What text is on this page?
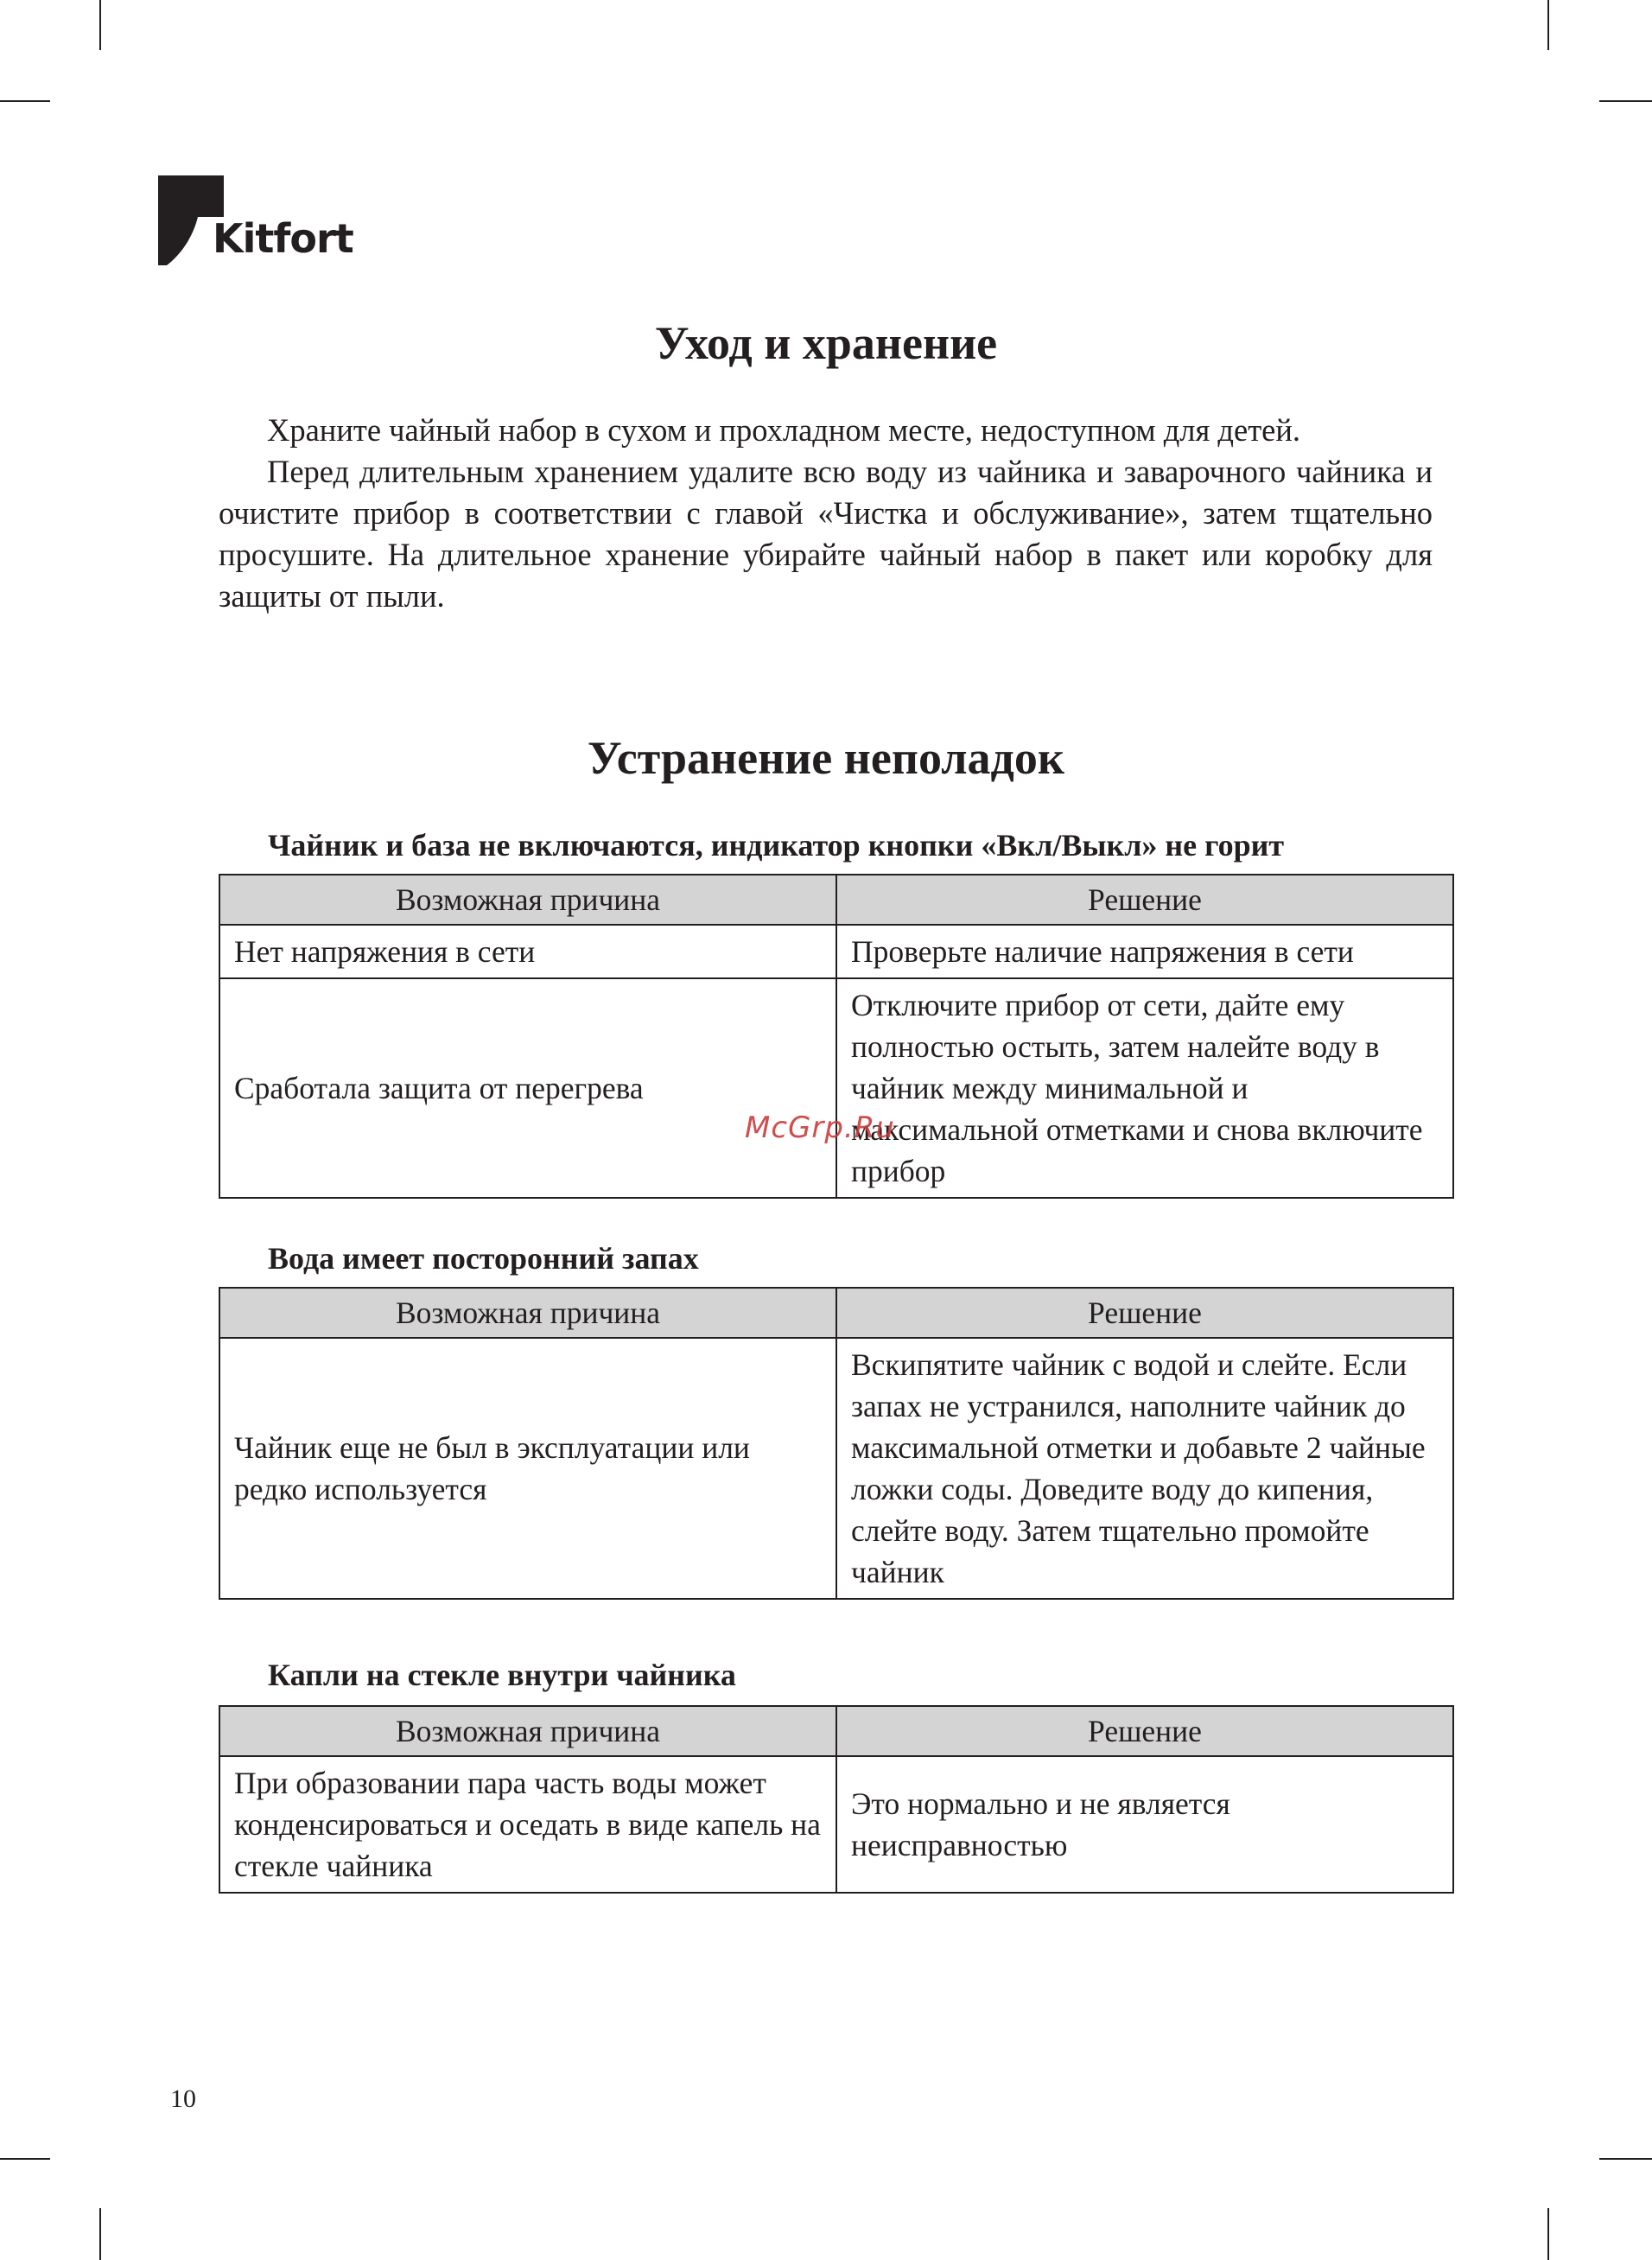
Kitfort
Уход и хранение

Храните чайный набор в сухом и прохладном месте, недоступном для детей.

Перед длительным хранением удалите всю воду из чайника и заварочного чайника и очистите прибор в соответствии с главой «Чистка и обслуживание», затем тщательно просушите. На длительное хранение убирайте чайный набор в пакет или коробку для защиты от пыли.

Устранение неполадок
Чайник и база не включаются, индикатор кнопки «Вкл/Выкл» не горит
Возможная причина	Решение
Нет напряжения в сети	Проверьте наличие напряжения в сети
Сработала защита от перегрева	Отключите прибор от сети, дайте ему полностью остыть, затем налейте воду в чайник между минимальной и максимальной отметками и снова включите прибор
Вода имеет посторонний запах
Возможная причина	Решение
Чайник еще не был в эксплуатации или редко используется	Вскипятите чайник с водой и слейте. Если запах не устранился, наполните чайник до максимальной отметки и добавьте 2 чайные ложки соды. Доведите воду до кипения, слейте воду. Затем тщательно промойте чайник
Капли на стекле внутри чайника
Возможная причина	Решение
При образовании пара часть воды может конденсироваться и оседать в виде капель на стекле чайника	Это нормально и не является неисправностью
McGrp.Ru
10
